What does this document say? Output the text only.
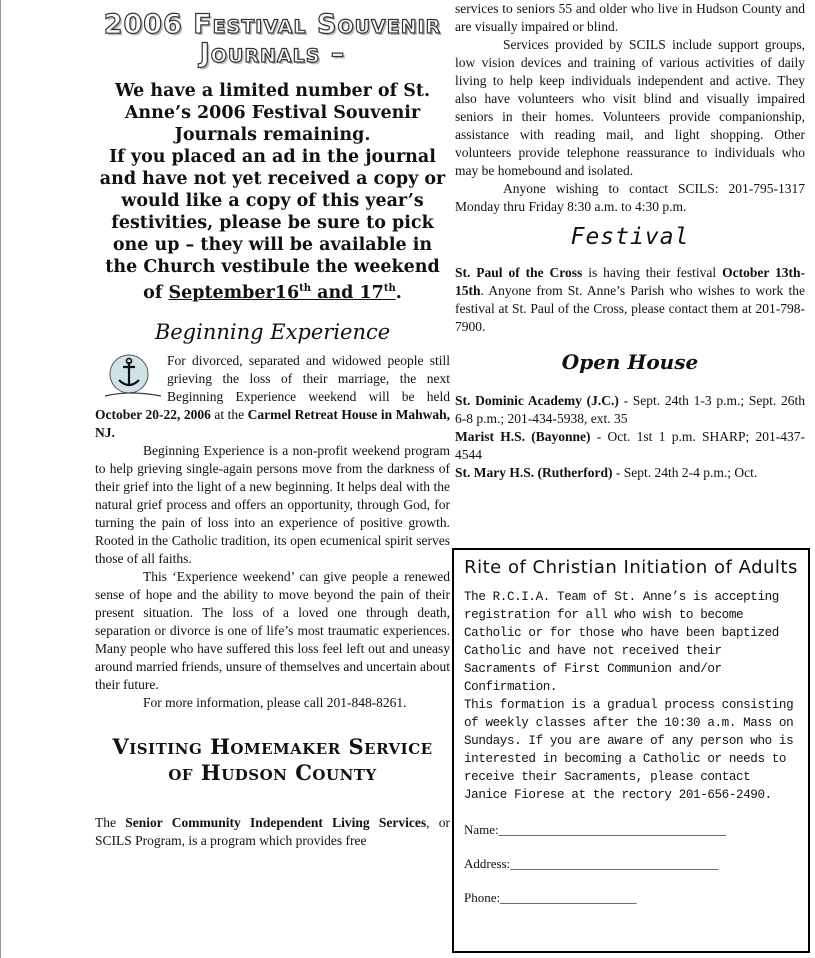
2006 Festival Souvenir Journals –
We have a limited number of St. Anne’s 2006 Festival Souvenir Journals remaining.
If you placed an ad in the journal and have not yet received a copy or would like a copy of this year’s festivities, please be sure to pick one up – they will be available in the Church vestibule the weekend of September16th and 17th.
Beginning Experience

For divorced, separated and widowed people still grieving the loss of their marriage, the next Beginning Experience weekend will be held October 20-22, 2006 at the Carmel Retreat House in Mahwah, NJ.

Beginning Experience is a non-profit weekend program to help grieving single-again persons move from the darkness of their grief into the light of a new beginning. It helps deal with the natural grief process and offers an opportunity, through God, for turning the pain of loss into an experience of positive growth. Rooted in the Catholic tradition, its open ecumenical spirit serves those of all faiths.

This ‘Experience weekend’ can give people a renewed sense of hope and the ability to move beyond the pain of their present situation. The loss of a loved one through death, separation or divorce is one of life’s most traumatic experiences. Many people who have suffered this loss feel left out and uneasy around married friends, unsure of themselves and uncertain about their future.

For more information, please call 201-848-8261.

Visiting Homemaker Service
of Hudson County

The Senior Community Independent Living Services, or SCILS Program, is a program which provides free

services to seniors 55 and older who live in Hudson County and are visually impaired or blind.

Services provided by SCILS include support groups, low vision devices and training of various activities of daily living to help keep individuals independent and active. They also have volunteers who visit blind and visually impaired seniors in their homes. Volunteers provide companionship, assistance with reading mail, and light shopping. Other volunteers provide telephone reassurance to individuals who may be homebound and isolated.

Anyone wishing to contact SCILS: 201-795-1317 Monday thru Friday 8:30 a.m. to 4:30 p.m.

Festival

St. Paul of the Cross is having their festival October 13th-15th. Anyone from St. Anne’s Parish who wishes to work the festival at St. Paul of the Cross, please contact them at 201-798-7900.

Open House

St. Dominic Academy (J.C.) - Sept. 24th 1-3 p.m.; Sept. 26th 6-8 p.m.; 201-434-5938, ext. 35

Marist H.S. (Bayonne) - Oct. 1st 1 p.m. SHARP; 201-437-4544

St. Mary H.S. (Rutherford) - Sept. 24th 2-4 p.m.; Oct.

Rite of Christian Initiation of Adults
The R.C.I.A. Team of St. Anne’s is accepting registration for all who wish to become Catholic or for those who have been baptized Catholic and have not received their Sacraments of First Communion and/or Confirmation.
This formation is a gradual process consisting of weekly classes after the 10:30 a.m. Mass on Sundays. If you are aware of any person who is interested in becoming a Catholic or needs to receive their Sacraments, please contact Janice Fiorese at the rectory 201-656-2490.
Name:___________________________________
Address:________________________________
Phone:_____________________
